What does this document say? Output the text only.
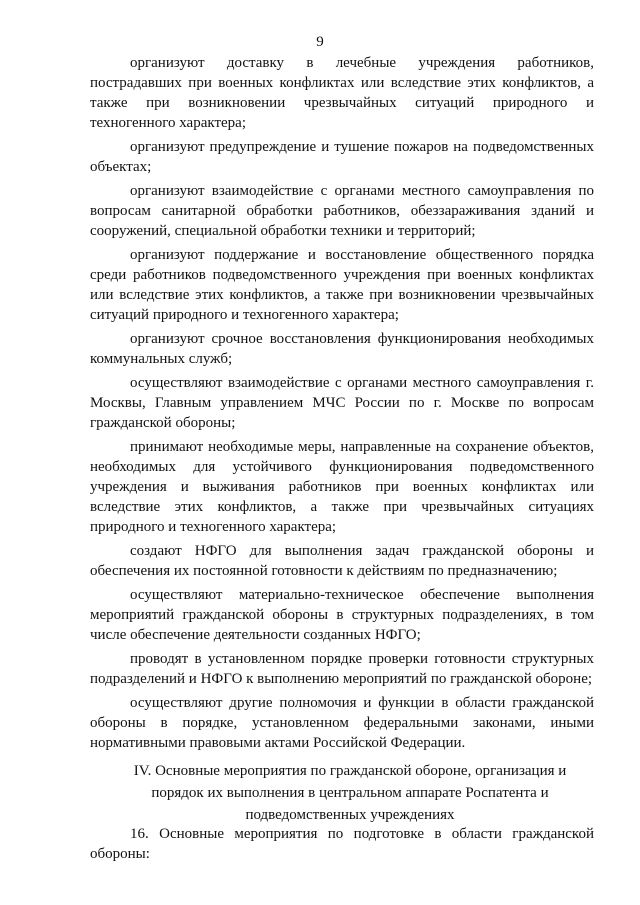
9

организуют доставку в лечебные учреждения работников, пострадавших при военных конфликтах или вследствие этих конфликтов, а также при возникновении чрезвычайных ситуаций природного и техногенного характера;

организуют предупреждение и тушение пожаров на подведомственных объектах;

организуют взаимодействие с органами местного самоуправления по вопросам санитарной обработки работников, обеззараживания зданий и сооружений, специальной обработки техники и территорий;

организуют поддержание и восстановление общественного порядка среди работников подведомственного учреждения при военных конфликтах или вследствие этих конфликтов, а также при возникновении чрезвычайных ситуаций природного и техногенного характера;

организуют срочное восстановления функционирования необходимых коммунальных служб;

осуществляют взаимодействие с органами местного самоуправления г. Москвы, Главным управлением МЧС России по г. Москве по вопросам гражданской обороны;

принимают необходимые меры, направленные на сохранение объектов, необходимых для устойчивого функционирования подведомственного учреждения и выживания работников при военных конфликтах или вследствие этих конфликтов, а также при чрезвычайных ситуациях природного и техногенного характера;

создают НФГО для выполнения задач гражданской обороны и обеспечения их постоянной готовности к действиям по предназначению;

осуществляют материально-техническое обеспечение выполнения мероприятий гражданской обороны в структурных подразделениях, в том числе обеспечение деятельности созданных НФГО;

проводят в установленном порядке проверки готовности структурных подразделений и НФГО к выполнению мероприятий по гражданской обороне;

осуществляют другие полномочия и функции в области гражданской обороны в порядке, установленном федеральными законами, иными нормативными правовыми актами Российской Федерации.

IV. Основные мероприятия по гражданской обороне, организация и
порядок их выполнения в центральном аппарате Роспатента и
подведомственных учреждениях

16. Основные мероприятия по подготовке в области гражданской обороны:
